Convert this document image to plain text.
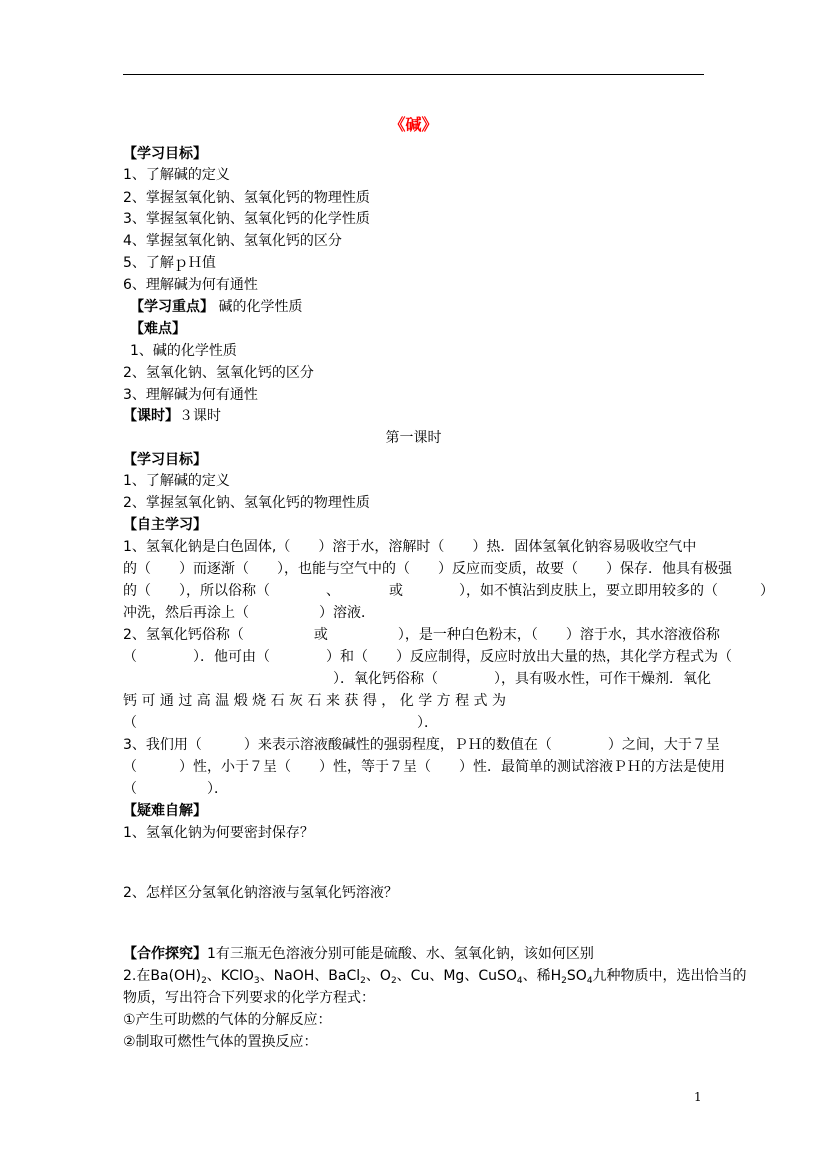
《碱》
【学习目标】
1、了解碱的定义
2、掌握氢氧化钠、氢氧化钙的物理性质
3、掌握氢氧化钠、氢氧化钙的化学性质
4、掌握氢氧化钠、氢氧化钙的区分
5、了解ｐＨ值
6、理解碱为何有通性
【学习重点】 碱的化学性质
【难点】
1、碱的化学性质
2、氢氧化钠、氢氧化钙的区分
3、理解碱为何有通性
【课时】３课时
第一课时
【学习目标】
1、了解碱的定义
2、掌握氢氧化钠、氢氧化钙的物理性质
【自主学习】
1、氢氧化钠是白色固体,（　　）溶于水，溶解时（　　）热．固体氢氧化钠容易吸收空气中
的（　　）而逐渐（　　），也能与空气中的（　　）反应而变质，故要（　　）保存．他具有极强
的（　　），所以俗称（　　　　、　　　　或　　　　），如不慎沾到皮肤上，要立即用较多的（　　　）
冲洗，然后再涂上（　　　　　）溶液．
2、氢氧化钙俗称（　　　　　或　　　　　），是一种白色粉末，（　　）溶于水，其水溶液俗称
（　　　　）．他可由（　　　　）和（　　）反应制得，反应时放出大量的热，其化学方程式为（
　　　　　　　　　　　　　　　）．氧化钙俗称（　　　　），具有吸水性，可作干燥剂．氧化
钙 可 通 过 高 温 煅 烧 石 灰 石 来 获 得 ， 化 学 方 程 式 为
（　　　　　　　　　　　　　　　　　　　　）．
3、我们用（　　　）来表示溶液酸碱性的强弱程度，ＰＨ的数值在（　　　　）之间，大于７呈
（　　　）性，小于７呈（　　）性，等于７呈（　　）性．最简单的测试溶液ＰＨ的方法是使用
（　　　　　）．
【疑难自解】
1、氢氧化钠为何要密封保存？
2、怎样区分氢氧化钠溶液与氢氧化钙溶液？
【合作探究】1有三瓶无色溶液分别可能是硫酸、水、氢氧化钠，该如何区别
2.在$Ba(OH)_2$、KClO$_3$、NaOH、BaCl$_2$、$O_2$、Cu、Mg、CuSO$_4$、稀$H_2SO_4$九种物质中，选出恰当的
物质，写出符合下列要求的化学方程式：
①产生可助燃的气体的分解反应：
②制取可燃性气体的置换反应：
1
